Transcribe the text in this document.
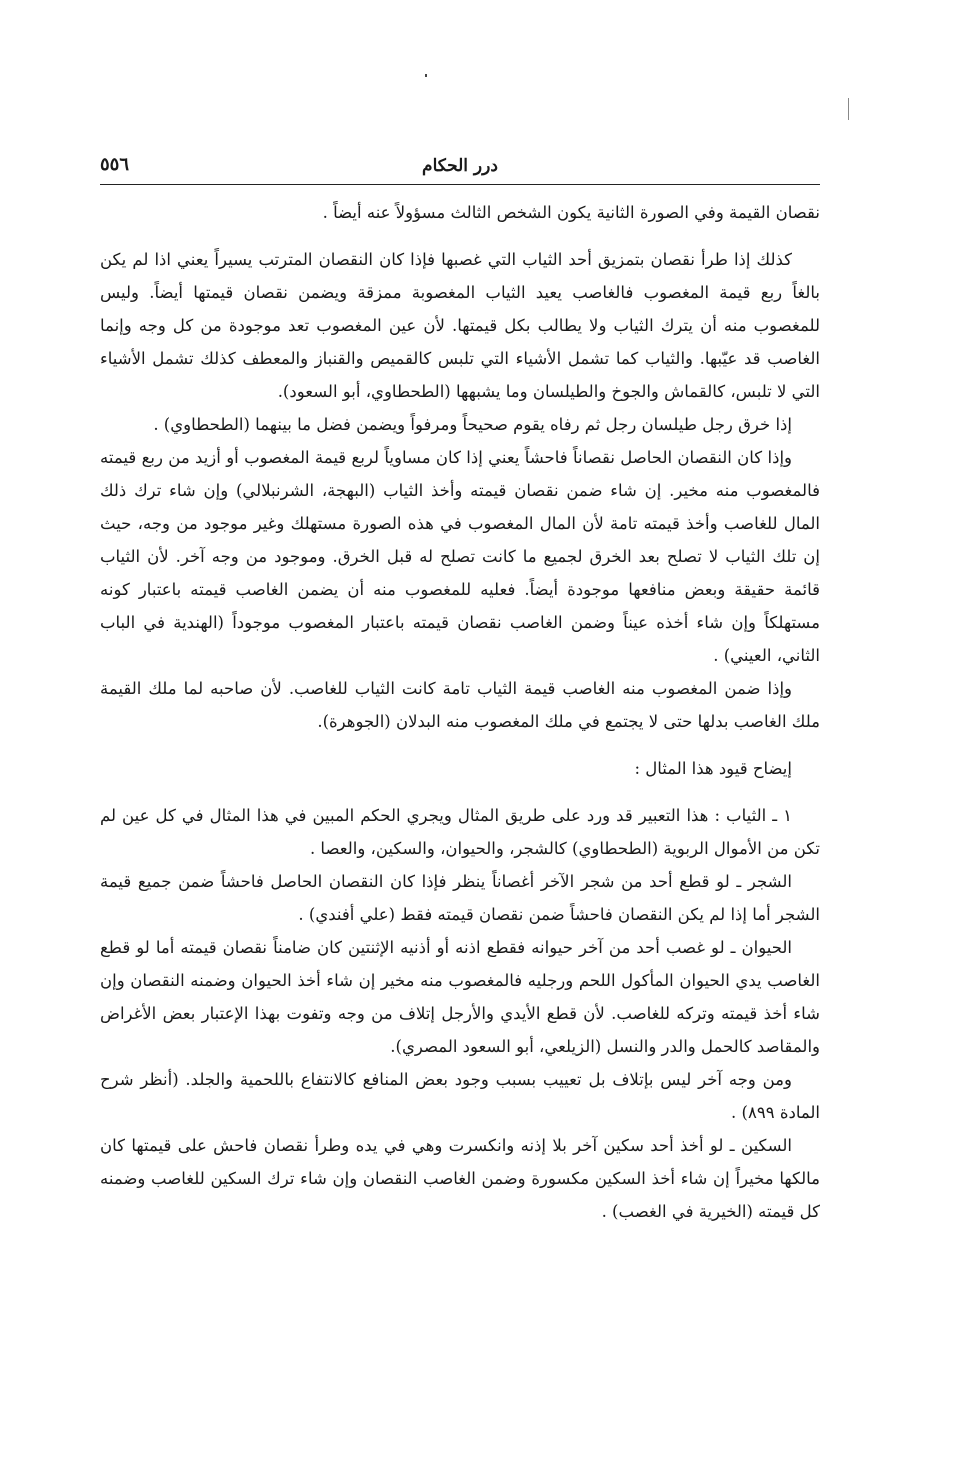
٥٥٦	درر الحكام

نقصان القيمة وفي الصورة الثانية يكون الشخص الثالث مسؤولاً عنه أيضاً .

كذلك إذا طرأ نقصان بتمزيق أحد الثياب التي غصبها فإذا كان النقصان المترتب يسيراً يعني اذا لم يكن بالغاً ربع قيمة المغصوب فالغاصب يعيد الثياب المغصوبة ممزقة ويضمن نقصان قيمتها أيضاً. وليس للمغصوب منه أن يترك الثياب ولا يطالب بكل قيمتها. لأن عين المغصوب تعد موجودة من كل وجه وإنما الغاصب قد عيّبها. والثياب كما تشمل الأشياء التي تلبس كالقميص والقنباز والمعطف كذلك تشمل الأشياء التي لا تلبس، كالقماش والجوخ والطيلسان وما يشبهها (الطحطاوي، أبو السعود).

إذا خرق رجل طيلسان رجل ثم رفاه يقوم صحيحاً ومرفواً ويضمن فضل ما بينهما (الطحطاوي) .

وإذا كان النقصان الحاصل نقصاناً فاحشاً يعني إذا كان مساوياً لربع قيمة المغصوب أو أزيد من ربع قيمته فالمغصوب منه مخير. إن شاء ضمن نقصان قيمته وأخذ الثياب (البهجة، الشرنبلالي) وإن شاء ترك ذلك المال للغاصب وأخذ قيمته تامة لأن المال المغصوب في هذه الصورة مستهلك وغير موجود من وجه، حيث إن تلك الثياب لا تصلح بعد الخرق لجميع ما كانت تصلح له قبل الخرق. وموجود من وجه آخر. لأن الثياب قائمة حقيقة وبعض منافعها موجودة أيضاً. فعليه للمغصوب منه أن يضمن الغاصب قيمته باعتبار كونه مستهلكاً وإن شاء أخذه عيناً وضمن الغاصب نقصان قيمته باعتبار المغصوب موجوداً (الهندية في الباب الثاني، العيني) .

وإذا ضمن المغصوب منه الغاصب قيمة الثياب تامة كانت الثياب للغاصب. لأن صاحبه لما ملك القيمة ملك الغاصب بدلها حتى لا يجتمع في ملك المغصوب منه البدلان (الجوهرة).

إيضاح قيود هذا المثال :

١ ـ الثياب : هذا التعبير قد ورد على طريق المثال ويجري الحكم المبين في هذا المثال في كل عين لم تكن من الأموال الربوية (الطحطاوي) كالشجر، والحيوان، والسكين، والعصا .

الشجر ـ لو قطع أحد من شجر الآخر أغصاناً ينظر فإذا كان النقصان الحاصل فاحشاً ضمن جميع قيمة الشجر أما إذا لم يكن النقصان فاحشاً ضمن نقصان قيمته فقط (علي أفندي) .

الحيوان ـ لو غصب أحد من آخر حيوانه فقطع اذنه أو أذنيه الإثنتين كان ضامناً نقصان قيمته أما لو قطع الغاصب يدي الحيوان المأكول اللحم ورجليه فالمغصوب منه مخير إن شاء أخذ الحيوان وضمنه النقصان وإن شاء أخذ قيمته وتركه للغاصب. لأن قطع الأيدي والأرجل إتلاف من وجه وتفوت بهذا الإعتبار بعض الأغراض والمقاصد كالحمل والدر والنسل (الزيلعي، أبو السعود المصري).

ومن وجه آخر ليس بإتلاف بل تعييب بسبب وجود بعض المنافع كالانتفاع باللحمية والجلد. (أنظر شرح المادة ٨٩٩) .

السكين ـ لو أخذ أحد سكين آخر بلا إذنه وانكسرت وهي في يده وطرأ نقصان فاحش على قيمتها كان مالكها مخيراً إن شاء أخذ السكين مكسورة وضمن الغاصب النقصان وإن شاء ترك السكين للغاصب وضمنه كل قيمته (الخيرية في الغصب) .
